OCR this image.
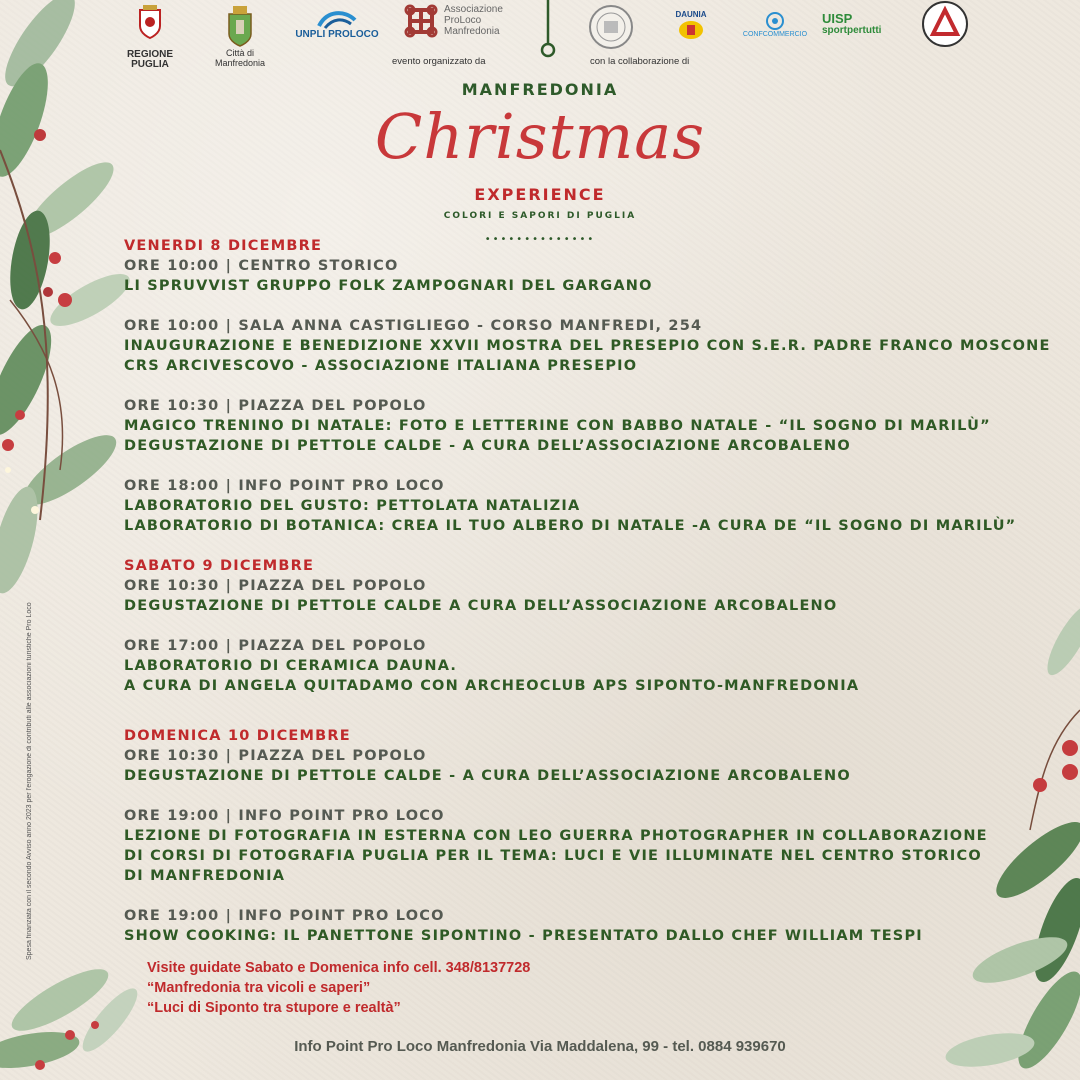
REGIONE PUGLIA
Città di Manfredonia
UNPLI PROLOCO
Associazione
ProLoco
Manfredonia
DAUNIA
CONFCOMMERCIO
UISP
sportpertutti
evento organizzato da	con la collaborazione di
MANFREDONIA
Christmas
EXPERIENCE
COLORI E SAPORI DI PUGLIA
••••••••••••••
VENERDI 8 DICEMBRE
ORE 10:00 | CENTRO STORICO
LI SPRUVVIST GRUPPO FOLK ZAMPOGNARI DEL GARGANO
ORE 10:00 | SALA ANNA CASTIGLIEGO - CORSO MANFREDI, 254
INAUGURAZIONE E BENEDIZIONE XXVII MOSTRA DEL PRESEPIO CON S.E.R. PADRE FRANCO MOSCONE
CRS ARCIVESCOVO - ASSOCIAZIONE ITALIANA PRESEPIO
ORE 10:30 | PIAZZA DEL POPOLO
MAGICO TRENINO DI NATALE: FOTO E LETTERINE CON BABBO NATALE - “IL SOGNO DI MARILÙ”
DEGUSTAZIONE DI PETTOLE CALDE - A CURA DELL’ASSOCIAZIONE ARCOBALENO
ORE 18:00 | INFO POINT PRO LOCO
LABORATORIO DEL GUSTO: PETTOLATA NATALIZIA
LABORATORIO DI BOTANICA: CREA IL TUO ALBERO DI NATALE -A CURA DE “IL SOGNO DI MARILÙ”
SABATO 9 DICEMBRE
ORE 10:30 | PIAZZA DEL POPOLO
DEGUSTAZIONE DI PETTOLE CALDE A CURA DELL’ASSOCIAZIONE ARCOBALENO
ORE 17:00 | PIAZZA DEL POPOLO
LABORATORIO DI CERAMICA DAUNA.
A CURA DI ANGELA QUITADAMO CON ARCHEOCLUB APS SIPONTO-MANFREDONIA
DOMENICA 10 DICEMBRE
ORE 10:30 | PIAZZA DEL POPOLO
DEGUSTAZIONE DI PETTOLE CALDE - A CURA DELL’ASSOCIAZIONE ARCOBALENO
ORE 19:00 | INFO POINT PRO LOCO
LEZIONE DI FOTOGRAFIA IN ESTERNA CON LEO GUERRA PHOTOGRAPHER IN COLLABORAZIONE
DI CORSI DI FOTOGRAFIA PUGLIA PER IL TEMA: LUCI E VIE ILLUMINATE NEL CENTRO STORICO
DI MANFREDONIA
ORE 19:00 | INFO POINT PRO LOCO
SHOW COOKING: IL PANETTONE SIPONTINO - PRESENTATO DALLO CHEF WILLIAM TESPI
Visite guidate Sabato e Domenica info cell. 348/8137728
“Manfredonia tra vicoli e saperi”
“Luci di Siponto tra stupore e realtà”
Info Point Pro Loco Manfredonia Via Maddalena, 99 - tel. 0884 939670
Spesa finanziata con il secondo Avviso anno 2023 per l'erogazione di contributi alle associazioni turistiche Pro Loco
